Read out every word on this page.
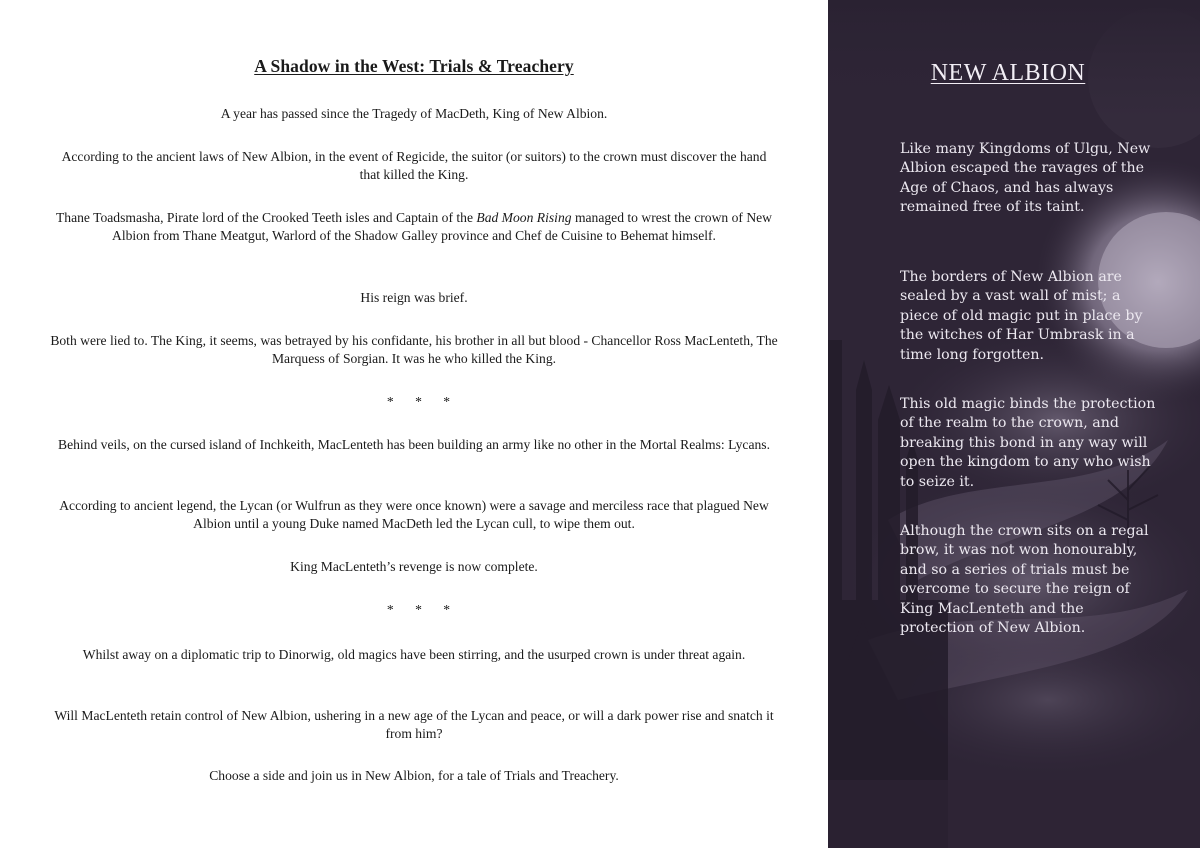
A Shadow in the West: Trials & Treachery

A year has passed since the Tragedy of MacDeth, King of New Albion.

According to the ancient laws of New Albion, in the event of Regicide, the suitor (or suitors) to the crown must discover the hand that killed the King.

Thane Toadsmasha, Pirate lord of the Crooked Teeth isles and Captain of the Bad Moon Rising managed to wrest the crown of New Albion from Thane Meatgut, Warlord of the Shadow Galley province and Chef de Cuisine to Behemat himself.

His reign was brief.

Both were lied to. The King, it seems, was betrayed by his confidante, his brother in all but blood - Chancellor Ross MacLenteth, The Marquess of Sorgian. It was he who killed the King.

* * *

Behind veils, on the cursed island of Inchkeith, MacLenteth has been building an army like no other in the Mortal Realms: Lycans.

According to ancient legend, the Lycan (or Wulfrun as they were once known) were a savage and merciless race that plagued New Albion until a young Duke named MacDeth led the Lycan cull, to wipe them out.

King MacLenteth’s revenge is now complete.

* * *

Whilst away on a diplomatic trip to Dinorwig, old magics have been stirring, and the usurped crown is under threat again.

Will MacLenteth retain control of New Albion, ushering in a new age of the Lycan and peace, or will a dark power rise and snatch it from him?

Choose a side and join us in New Albion, for a tale of Trials and Treachery.

NEW ALBION

Like many Kingdoms of Ulgu, New Albion escaped the ravages of the Age of Chaos, and has always remained free of its taint.

The borders of New Albion are sealed by a vast wall of mist; a piece of old magic put in place by the witches of Har Umbrask in a time long forgotten.

This old magic binds the protection of the realm to the crown, and breaking this bond in any way will open the kingdom to any who wish to seize it.

Although the crown sits on a regal brow, it was not won honourably, and so a series of trials must be overcome to secure the reign of King MacLenteth and the protection of New Albion.
